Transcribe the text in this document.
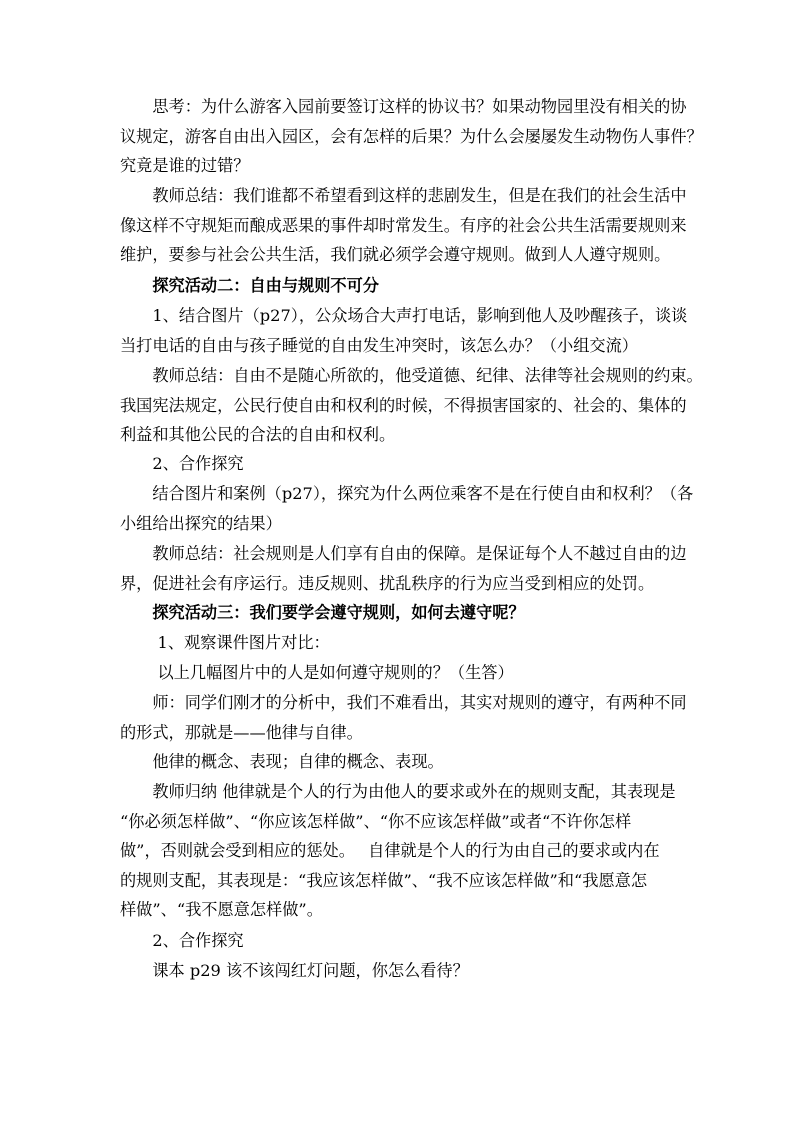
　　思考：为什么游客入园前要签订这样的协议书？如果动物园里没有相关的协
议规定，游客自由出入园区，会有怎样的后果？为什么会屡屡发生动物伤人事件？
究竟是谁的过错？
　　教师总结：我们谁都不希望看到这样的悲剧发生，但是在我们的社会生活中
像这样不守规矩而酿成恶果的事件却时常发生。有序的社会公共生活需要规则来
维护，要参与社会公共生活，我们就必须学会遵守规则。做到人人遵守规则。
　　探究活动二：自由与规则不可分
　　1、结合图片（p27），公众场合大声打电话，影响到他人及吵醒孩子，谈谈
当打电话的自由与孩子睡觉的自由发生冲突时，该怎么办？（小组交流）
　　教师总结：自由不是随心所欲的，他受道德、纪律、法律等社会规则的约束。
我国宪法规定，公民行使自由和权利的时候，不得损害国家的、社会的、集体的
利益和其他公民的合法的自由和权利。
　　2、合作探究
　　结合图片和案例（p27），探究为什么两位乘客不是在行使自由和权利？（各
小组给出探究的结果）
　　教师总结：社会规则是人们享有自由的保障。是保证每个人不越过自由的边
界，促进社会有序运行。违反规则、扰乱秩序的行为应当受到相应的处罚。
　　探究活动三：我们要学会遵守规则，如何去遵守呢？
　　 1、观察课件图片对比：
　　 以上几幅图片中的人是如何遵守规则的？（生答）
　　师：同学们刚才的分析中，我们不难看出，其实对规则的遵守，有两种不同
的形式，那就是——他律与自律。
　　他律的概念、表现；自律的概念、表现。
　　教师归纳 他律就是个人的行为由他人的要求或外在的规则支配，其表现是
“你必须怎样做”、“你应该怎样做”、“你不应该怎样做”或者“不许你怎样
做”，否则就会受到相应的惩处。　 自律就是个人的行为由自己的要求或内在
的规则支配，其表现是：“我应该怎样做”、“我不应该怎样做”和“我愿意怎
样做”、“我不愿意怎样做”。
　　2、合作探究
　　课本 p29 该不该闯红灯问题，你怎么看待？
